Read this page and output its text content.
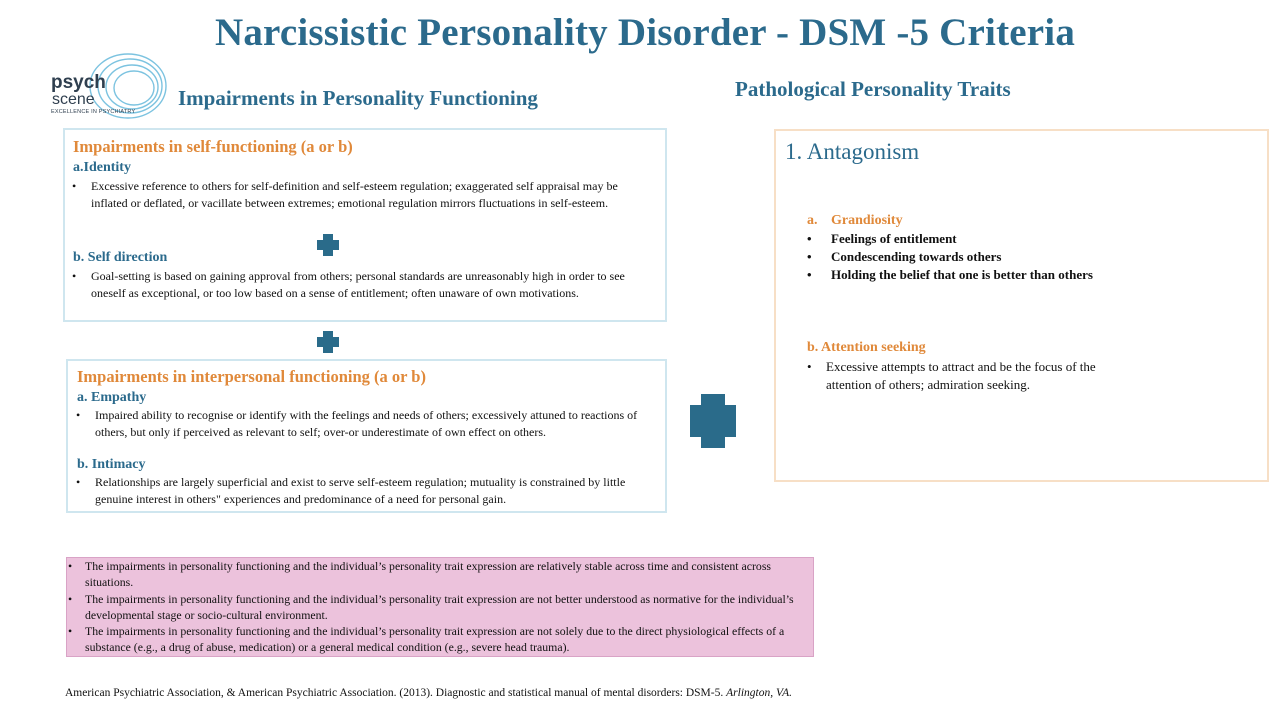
Narcissistic Personality Disorder - DSM -5 Criteria
psych
scene
EXCELLENCE IN PSYCHIATRY
Impairments in Personality Functioning	Pathological Personality Traits
Impairments in self-functioning (a or b)
a.Identity
•	Excessive reference to others for self-definition and self-esteem regulation; exaggerated self appraisal may be inflated or deflated, or vacillate between extremes; emotional regulation mirrors fluctuations in self-esteem.
b. Self direction
•	Goal-setting is based on gaining approval from others; personal standards are unreasonably high in order to see oneself as exceptional, or too low based on a sense of entitlement; often unaware of own motivations.
Impairments in interpersonal functioning (a or b)
a. Empathy
•	Impaired ability to recognise or identify with the feelings and needs of others; excessively attuned to reactions of others, but only if perceived as relevant to self; over-or underestimate of own effect on others.
b. Intimacy
•	Relationships are largely superficial and exist to serve self-esteem regulation; mutuality is constrained by little genuine interest in others" experiences and predominance of a need for personal gain.
1. Antagonism
a. Grandiosity
• Feelings of entitlement
• Condescending towards others
• Holding the belief that one is better than others
b. Attention seeking
•	Excessive attempts to attract and be the focus of the attention of others; admiration seeking.
•	The impairments in personality functioning and the individual’s personality trait expression are relatively stable across time and consistent across situations.
•	The impairments in personality functioning and the individual’s personality trait expression are not better understood as normative for the individual’s developmental stage or socio-cultural environment.
•	The impairments in personality functioning and the individual’s personality trait expression are not solely due to the direct physiological effects of a substance (e.g., a drug of abuse, medication) or a general medical condition (e.g., severe head trauma).
American Psychiatric Association, & American Psychiatric Association. (2013). Diagnostic and statistical manual of mental disorders: DSM-5. Arlington, VA.
